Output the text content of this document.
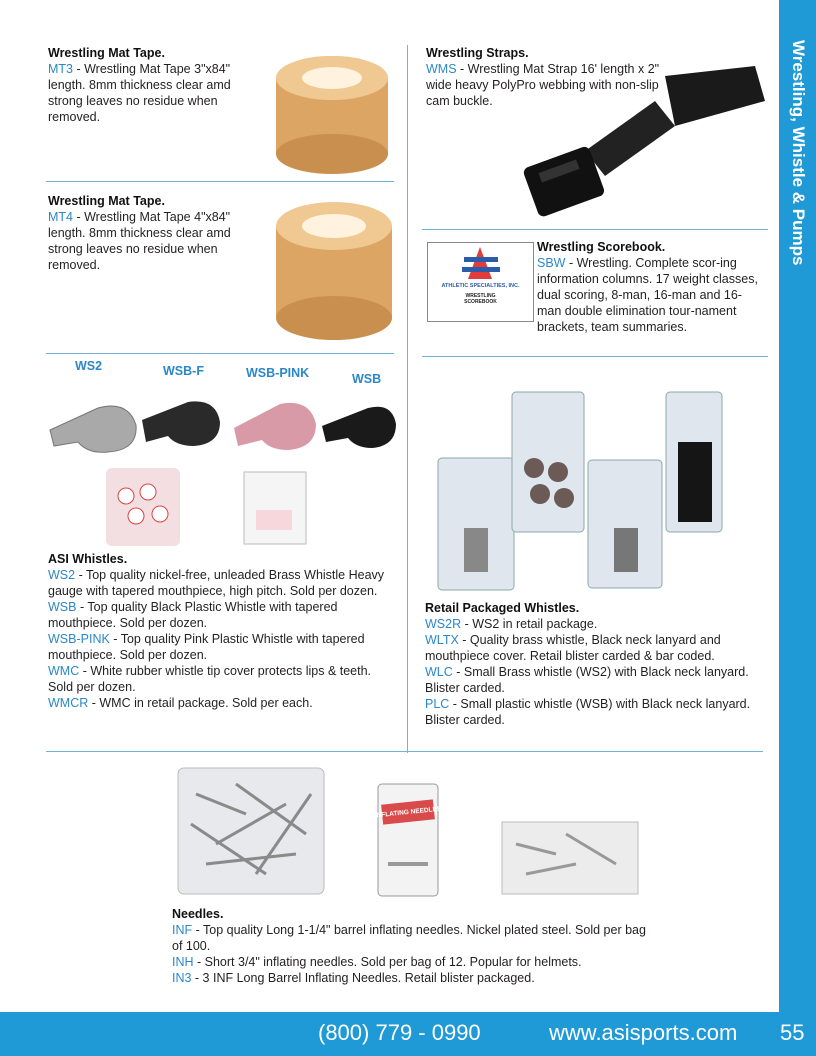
Wrestling, Whistle & Pumps
Wrestling Mat Tape.
MT3 - Wrestling Mat Tape 3"x84" length. 8mm thickness clear amd strong leaves no residue when removed.
Wrestling Mat Tape.
MT4 - Wrestling Mat Tape 4"x84" length. 8mm thickness clear amd strong leaves no residue when removed.
Wrestling Straps.
WMS - Wrestling Mat Strap 16' length x 2" wide heavy PolyPro webbing with non-slip cam buckle.
ATHLETIC SPECIALTIES, INC.
WRESTLING SCOREBOOK
Wrestling Scorebook.
SBW - Wrestling. Complete scor-ing information columns. 17 weight classes, dual scoring, 8-man, 16-man and 16-man double elimination tour-nament brackets, team summaries.
WS2	WSB-F	WSB-PINK	WSB
ASI Whistles.

WS2 - Top quality nickel-free, unleaded Brass Whistle Heavy gauge with tapered mouthpiece, high pitch. Sold per dozen.

WSB - Top quality Black Plastic Whistle with tapered mouthpiece. Sold per dozen.

WSB-PINK - Top quality Pink Plastic Whistle with tapered mouthpiece. Sold per dozen.

WMC - White rubber whistle tip cover protects lips & teeth. Sold per dozen.

WMCR - WMC in retail package. Sold per each.

Retail Packaged Whistles.

WS2R - WS2 in retail package.

WLTX - Quality brass whistle, Black neck lanyard and mouthpiece cover. Retail blister carded & bar coded.

WLC - Small Brass whistle (WS2) with Black neck lanyard. Blister carded.

PLC - Small plastic whistle (WSB) with Black neck lanyard. Blister carded.

INFLATING NEEDLES
Needles.

INF - Top quality Long 1-1/4" barrel inflating needles. Nickel plated steel. Sold per bag of 100.

INH - Short 3/4" inflating needles. Sold per bag of 12. Popular for helmets.

IN3 - 3 INF Long Barrel Inflating Needles. Retail blister packaged.

(800) 779 - 0990	www.asisports.com 55
